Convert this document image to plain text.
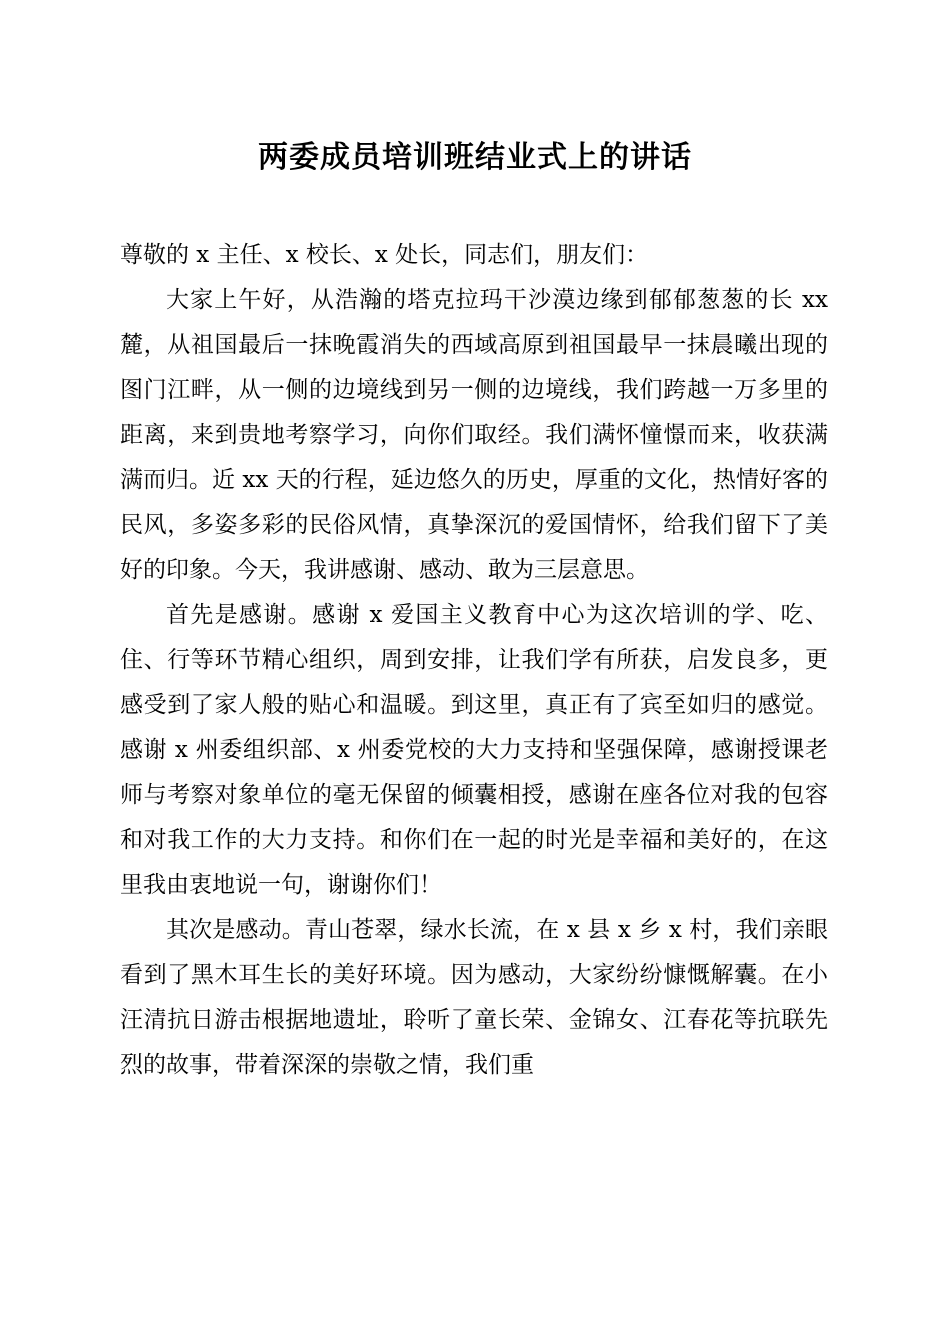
两委成员培训班结业式上的讲话

尊敬的 x 主任、x 校长、x 处长，同志们，朋友们：

大家上午好，从浩瀚的塔克拉玛干沙漠边缘到郁郁葱葱的长 xx 麓，从祖国最后一抹晚霞消失的西域高原到祖国最早一抹晨曦出现的图门江畔，从一侧的边境线到另一侧的边境线，我们跨越一万多里的距离，来到贵地考察学习，向你们取经。我们满怀憧憬而来，收获满满而归。近 xx 天的行程，延边悠久的历史，厚重的文化，热情好客的民风，多姿多彩的民俗风情，真挚深沉的爱国情怀，给我们留下了美好的印象。今天，我讲感谢、感动、敢为三层意思。

首先是感谢。感谢 x 爱国主义教育中心为这次培训的学、吃、住、行等环节精心组织，周到安排，让我们学有所获，启发良多，更感受到了家人般的贴心和温暖。到这里，真正有了宾至如归的感觉。感谢 x 州委组织部、x 州委党校的大力支持和坚强保障，感谢授课老师与考察对象单位的毫无保留的倾囊相授，感谢在座各位对我的包容和对我工作的大力支持。和你们在一起的时光是幸福和美好的，在这里我由衷地说一句，谢谢你们！

其次是感动。青山苍翠，绿水长流，在 x 县 x 乡 x 村，我们亲眼看到了黑木耳生长的美好环境。因为感动，大家纷纷慷慨解囊。在小汪清抗日游击根据地遗址，聆听了童长荣、金锦女、江春花等抗联先烈的故事，带着深深的崇敬之情，我们重
